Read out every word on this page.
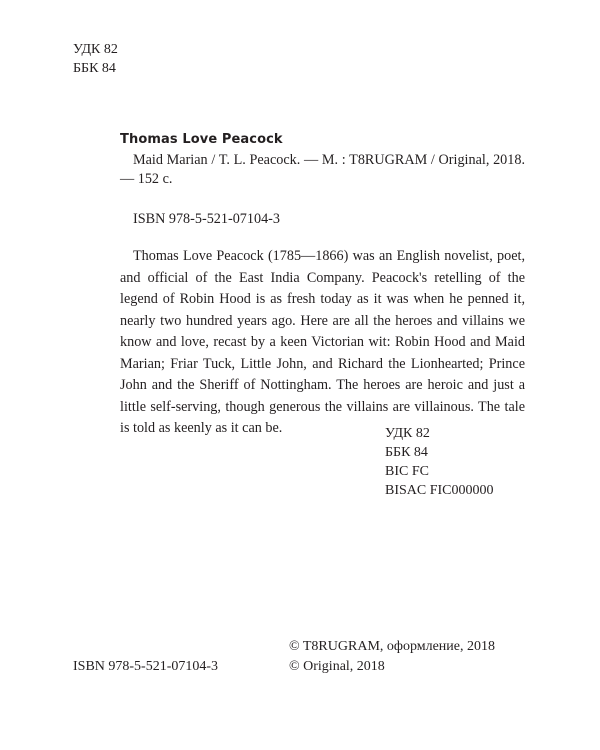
УДК 82
ББК 84
Thomas Love Peacock

Maid Marian / T. L. Peacock. — M. : T8RUGRAM / Original, 2018. — 152 c.

ISBN 978-5-521-07104-3

Thomas Love Peacock (1785—1866) was an English novelist, poet, and official of the East India Company. Peacock's retelling of the legend of Robin Hood is as fresh today as it was when he penned it, nearly two hundred years ago. Here are all the heroes and villains we know and love, recast by a keen Victorian wit: Robin Hood and Maid Marian; Friar Tuck, Little John, and Richard the Lionhearted; Prince John and the Sheriff of Nottingham. The heroes are heroic and just a little self-serving, though generous the villains are villainous. The tale is told as keenly as it can be.	УДК 82
ББК 84
BIC FC
BISAC FIC000000
ISBN 978-5-521-07104-3
© T8RUGRAM, оформление, 2018
© Original, 2018
